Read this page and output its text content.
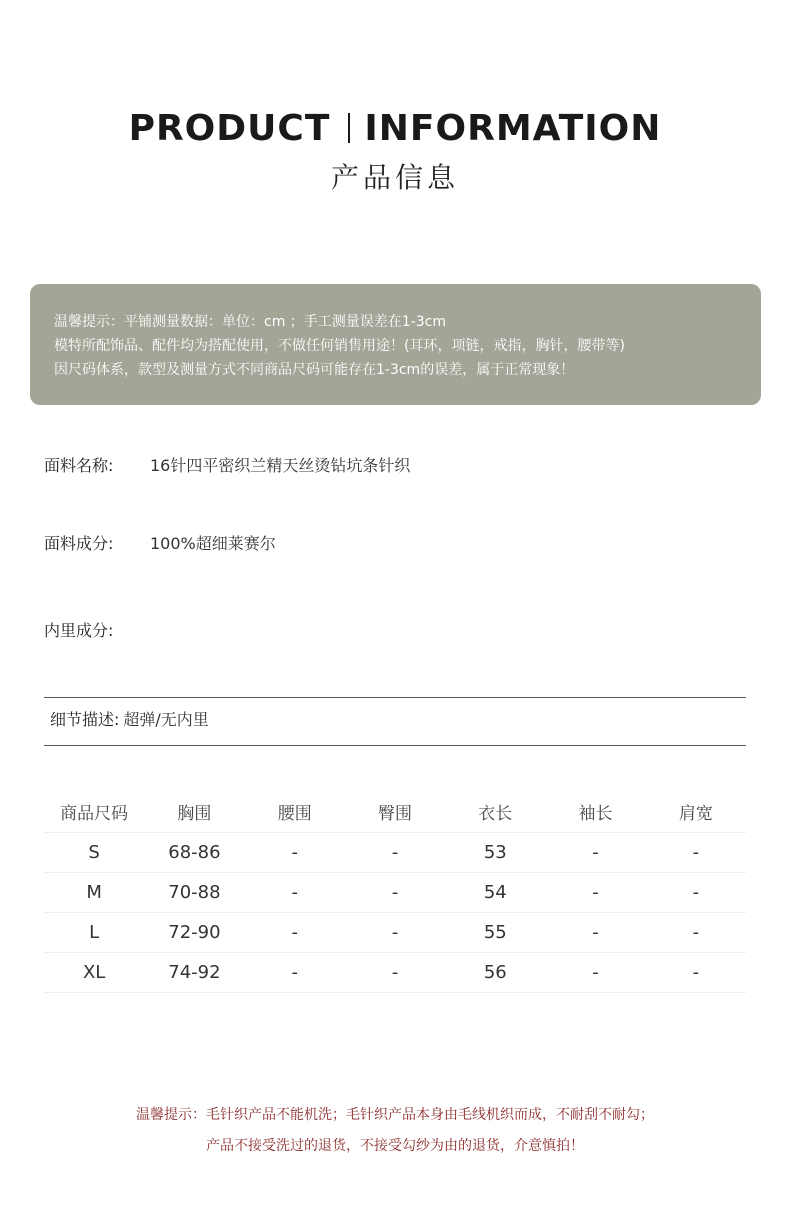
PRODUCT INFORMATION
产品信息

温馨提示：平铺测量数据：单位：cm ；手工测量误差在1-3cm

模特所配饰品、配件均为搭配使用，不做任何销售用途！(耳环，项链，戒指，胸针，腰带等)

因尺码体系，款型及测量方式不同商品尺码可能存在1-3cm的误差，属于正常现象！

面料名称: 16针四平密织兰精天丝烫钻坑条针织
面料成分: 100%超细莱赛尔
内里成分:
细节描述: 超弹/无内里
商品尺码	胸围	腰围	臀围	衣长	袖长	肩宽
S	68-86	-	-	53	-	-
M	70-88	-	-	54	-	-
L	72-90	-	-	55	-	-
XL	74-92	-	-	56	-	-
温馨提示：毛针织产品不能机洗；毛针织产品本身由毛线机织而成，不耐刮不耐勾；
产品不接受洗过的退货，不接受勾纱为由的退货，介意慎拍！
